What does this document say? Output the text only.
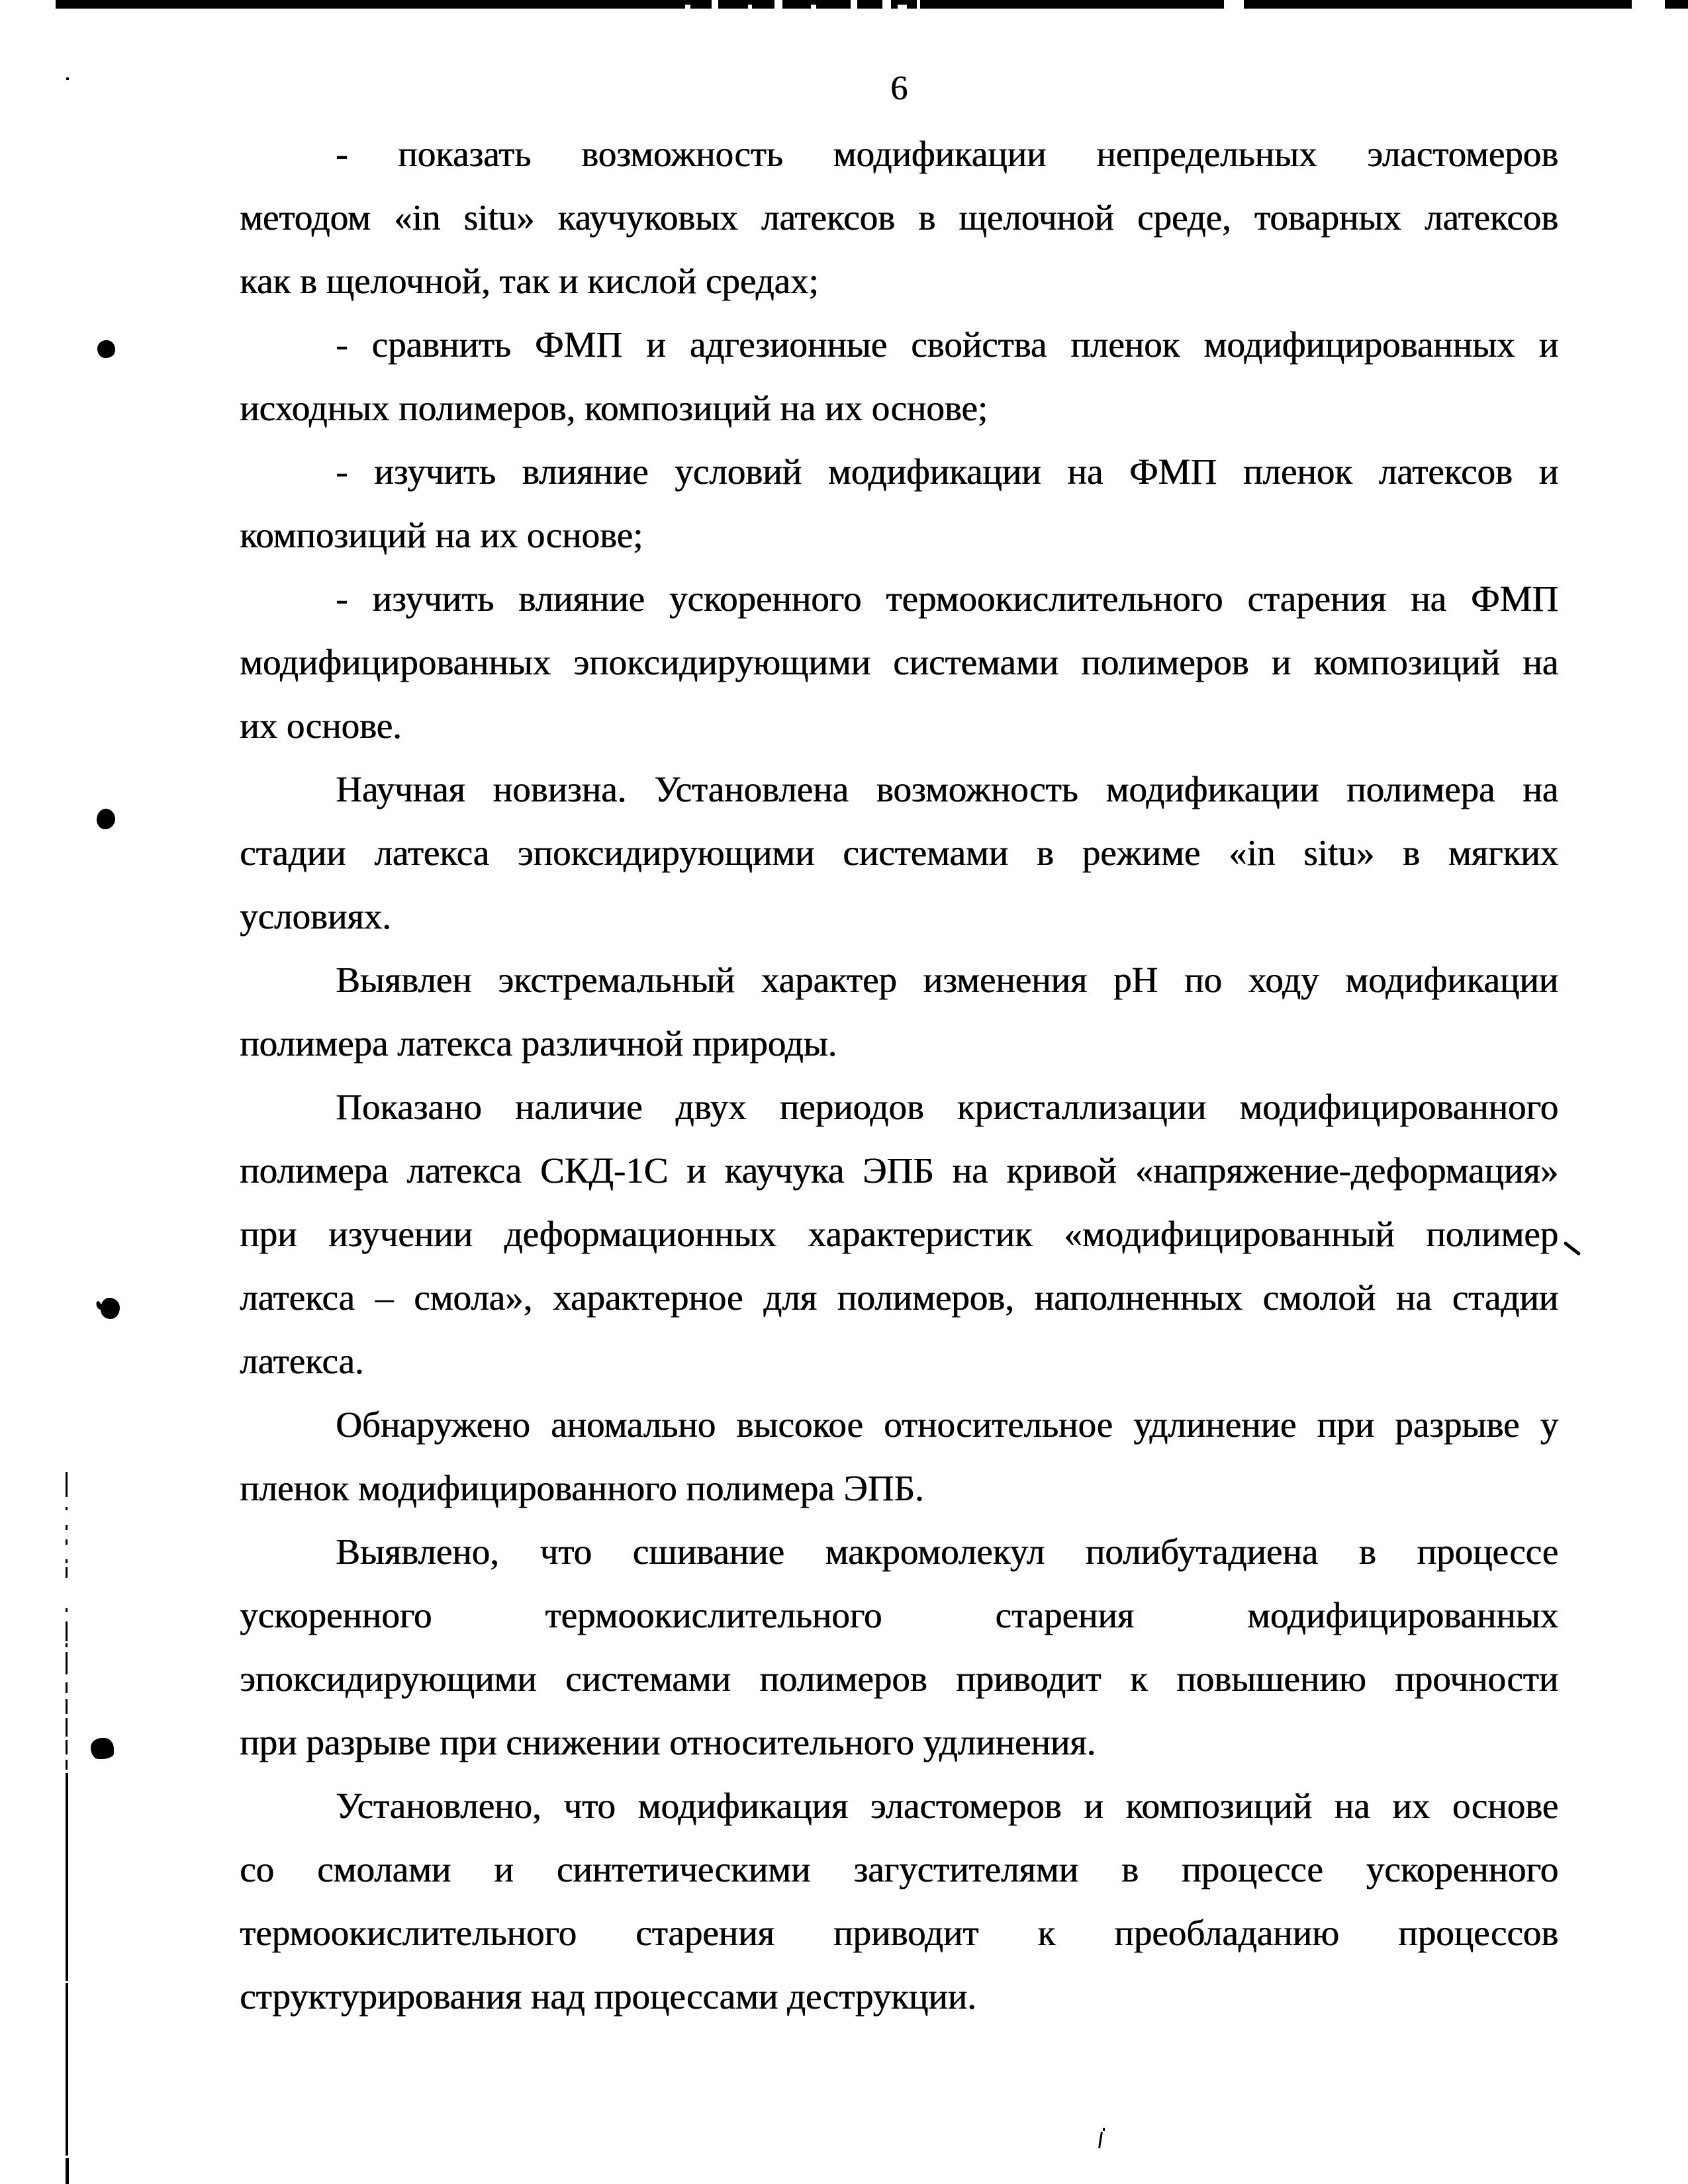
6
- показать возможность модификации непредельных эластомеров
методом «in situ» каучуковых латексов в щелочной среде, товарных латексов
как в щелочной, так и кислой средах;
- сравнить ФМП и адгезионные свойства пленок модифицированных и
исходных полимеров, композиций на их основе;
- изучить влияние условий модификации на ФМП пленок латексов и
композиций на их основе;
- изучить влияние ускоренного термоокислительного старения на ФМП
модифицированных эпоксидирующими системами полимеров и композиций на
их основе.
Научная новизна. Установлена возможность модификации полимера на
стадии латекса эпоксидирующими системами в режиме «in situ» в мягких
условиях.
Выявлен экстремальный характер изменения рН по ходу модификации
полимера латекса различной природы.
Показано наличие двух периодов кристаллизации модифицированного
полимера латекса СКД-1С и каучука ЭПБ на кривой «напряжение-деформация»
при изучении деформационных характеристик «модифицированный полимер
латекса – смола», характерное для полимеров, наполненных смолой на стадии
латекса.
Обнаружено аномально высокое относительное удлинение при разрыве у
пленок модифицированного полимера ЭПБ.
Выявлено, что сшивание макромолекул полибутадиена в процессе
ускоренного термоокислительного старения модифицированных
эпоксидирующими системами полимеров приводит к повышению прочности
при разрыве при снижении относительного удлинения.
Установлено, что модификация эластомеров и композиций на их основе
со смолами и синтетическими загустителями в процессе ускоренного
термоокислительного старения приводит к преобладанию процессов
структурирования над процессами деструкции.
